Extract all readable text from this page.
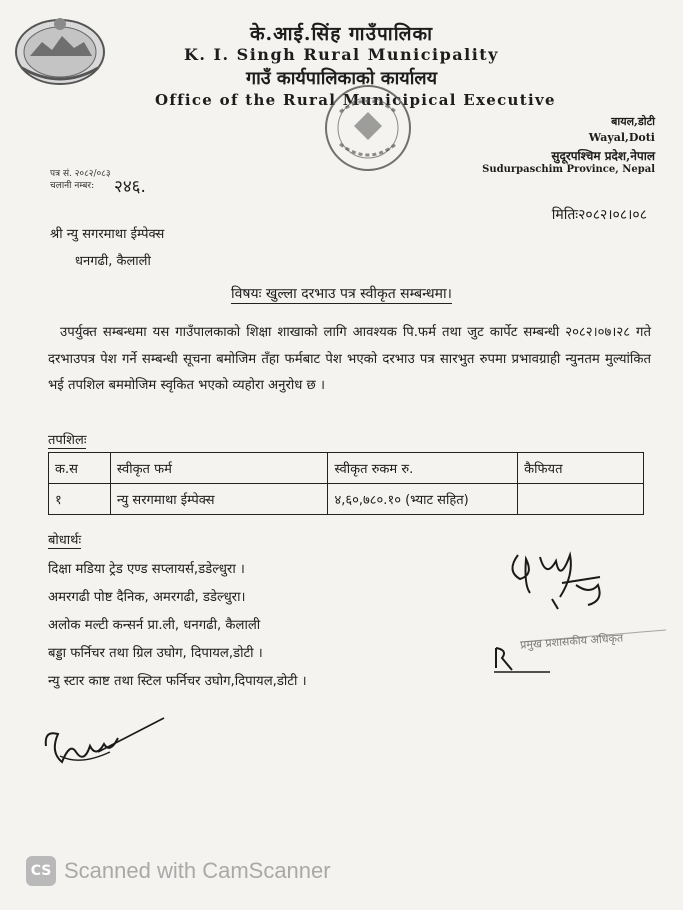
के.आई.सिंह गाउँपालिका
K. I. Singh Rural Municipality
गाउँ कार्यपालिकाको कार्यालय
Office of the Rural Municipical Executive
बायल,डोटी
Wayal,Doti
सुदूरपश्चिम प्रदेश,नेपाल
Sudurpaschim Province, Nepal
पत्र सं. २०८२/०८३
चलानी नम्बर: २४६.
मितिः२०८२।०८।०८
श्री न्यु सगरमाथा ईम्पेक्स
धनगढी, कैलाली
विषयः खुल्ला दरभाउ पत्र स्वीकृत सम्बन्धमा।
उपर्युक्त सम्बन्धमा यस गाउँपालकाको शिक्षा शाखाको लागि आवश्यक पि.फर्म तथा जुट कार्पेट सम्बन्धी २०८२।०७।२८ गते दरभाउपत्र पेश गर्ने सम्बन्धी सूचना बमोजिम तँहा फर्मबाट पेश भएको दरभाउ पत्र सारभुत रुपमा प्रभावग्राही न्युनतम मुल्यांकित भई तपशिल बममोजिम स्वृकित भएको व्यहोरा अनुरोध छ ।
तपशिलः
क.स	स्वीकृत फर्म	स्वीकृत रुकम रु.	कैफियत
१	न्यु सरगमाथा ईम्पेक्स	४,६०,७८०.१० (भ्याट सहित)	
बोधार्थः
दिक्षा मडिया ट्रेड एण्ड सप्लायर्स,डडेल्धुरा ।
अमरगढी पोष्ट दैनिक, अमरगढी, डडेल्धुरा।
अलोक मल्टी कन्सर्न प्रा.ली, धनगढी, कैलाली
बड्डा फर्निचर तथा ग्रिल उघोग, दिपायल,डोटी ।
न्यु स्टार काष्ट तथा स्टिल फर्निचर उघोग,दिपायल,डोटी ।
प्रमुख प्रशासकीय अधिकृत
CS Scanned with CamScanner
